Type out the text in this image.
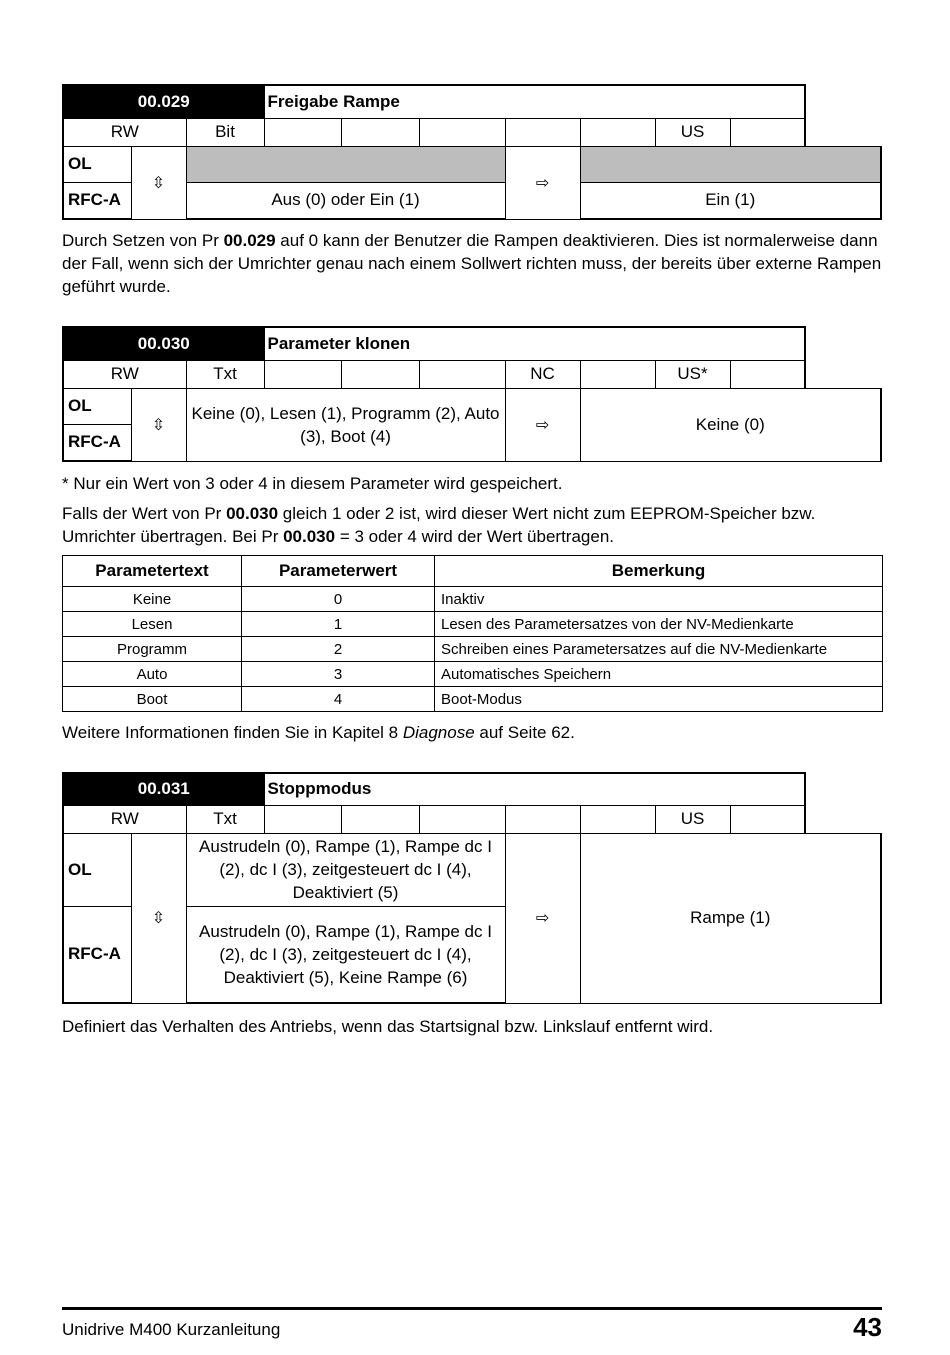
00.029			Freigabe Rampe						
RW		Bit						US	
OL	⇳					⇨			
RFC-A		Aus (0) oder Ein (1)					Ein (1)		

Durch Setzen von Pr 00.029 auf 0 kann der Benutzer die Rampen deaktivieren. Dies ist normalerweise dann der Fall, wenn sich der Umrichter genau nach einem Sollwert richten muss, der bereits über externe Rampen geführt wurde.

00.030			Parameter klonen						
RW		Txt				NC		US*	
OL	⇳	Keine (0), Lesen (1), Programm (2), Auto (3), Boot (4)				⇨	Keine (0)		
RFC-A									

* Nur ein Wert von 3 oder 4 in diesem Parameter wird gespeichert.

Falls der Wert von Pr 00.030 gleich 1 oder 2 ist, wird dieser Wert nicht zum EEPROM-Speicher bzw. Umrichter übertragen. Bei Pr 00.030 = 3 oder 4 wird der Wert übertragen.

Parametertext	Parameterwert	Bemerkung
Keine	0	Inaktiv
Lesen	1	Lesen des Parametersatzes von der NV-Medienkarte
Programm	2	Schreiben eines Parametersatzes auf die NV-Medienkarte
Auto	3	Automatisches Speichern
Boot	4	Boot-Modus

Weitere Informationen finden Sie in Kapitel 8 Diagnose auf Seite 62.

00.031			Stoppmodus						
RW		Txt						US	
OL	⇳	Austrudeln (0), Rampe (1), Rampe dc I (2), dc I (3), zeitgesteuert dc I (4), Deaktiviert (5)				⇨	Rampe (1)		
RFC-A		Austrudeln (0), Rampe (1), Rampe dc I (2), dc I (3), zeitgesteuert dc I (4), Deaktiviert (5), Keine Rampe (6)							

Definiert das Verhalten des Antriebs, wenn das Startsignal bzw. Linkslauf entfernt wird.

Unidrive M400 Kurzanleitung	43
